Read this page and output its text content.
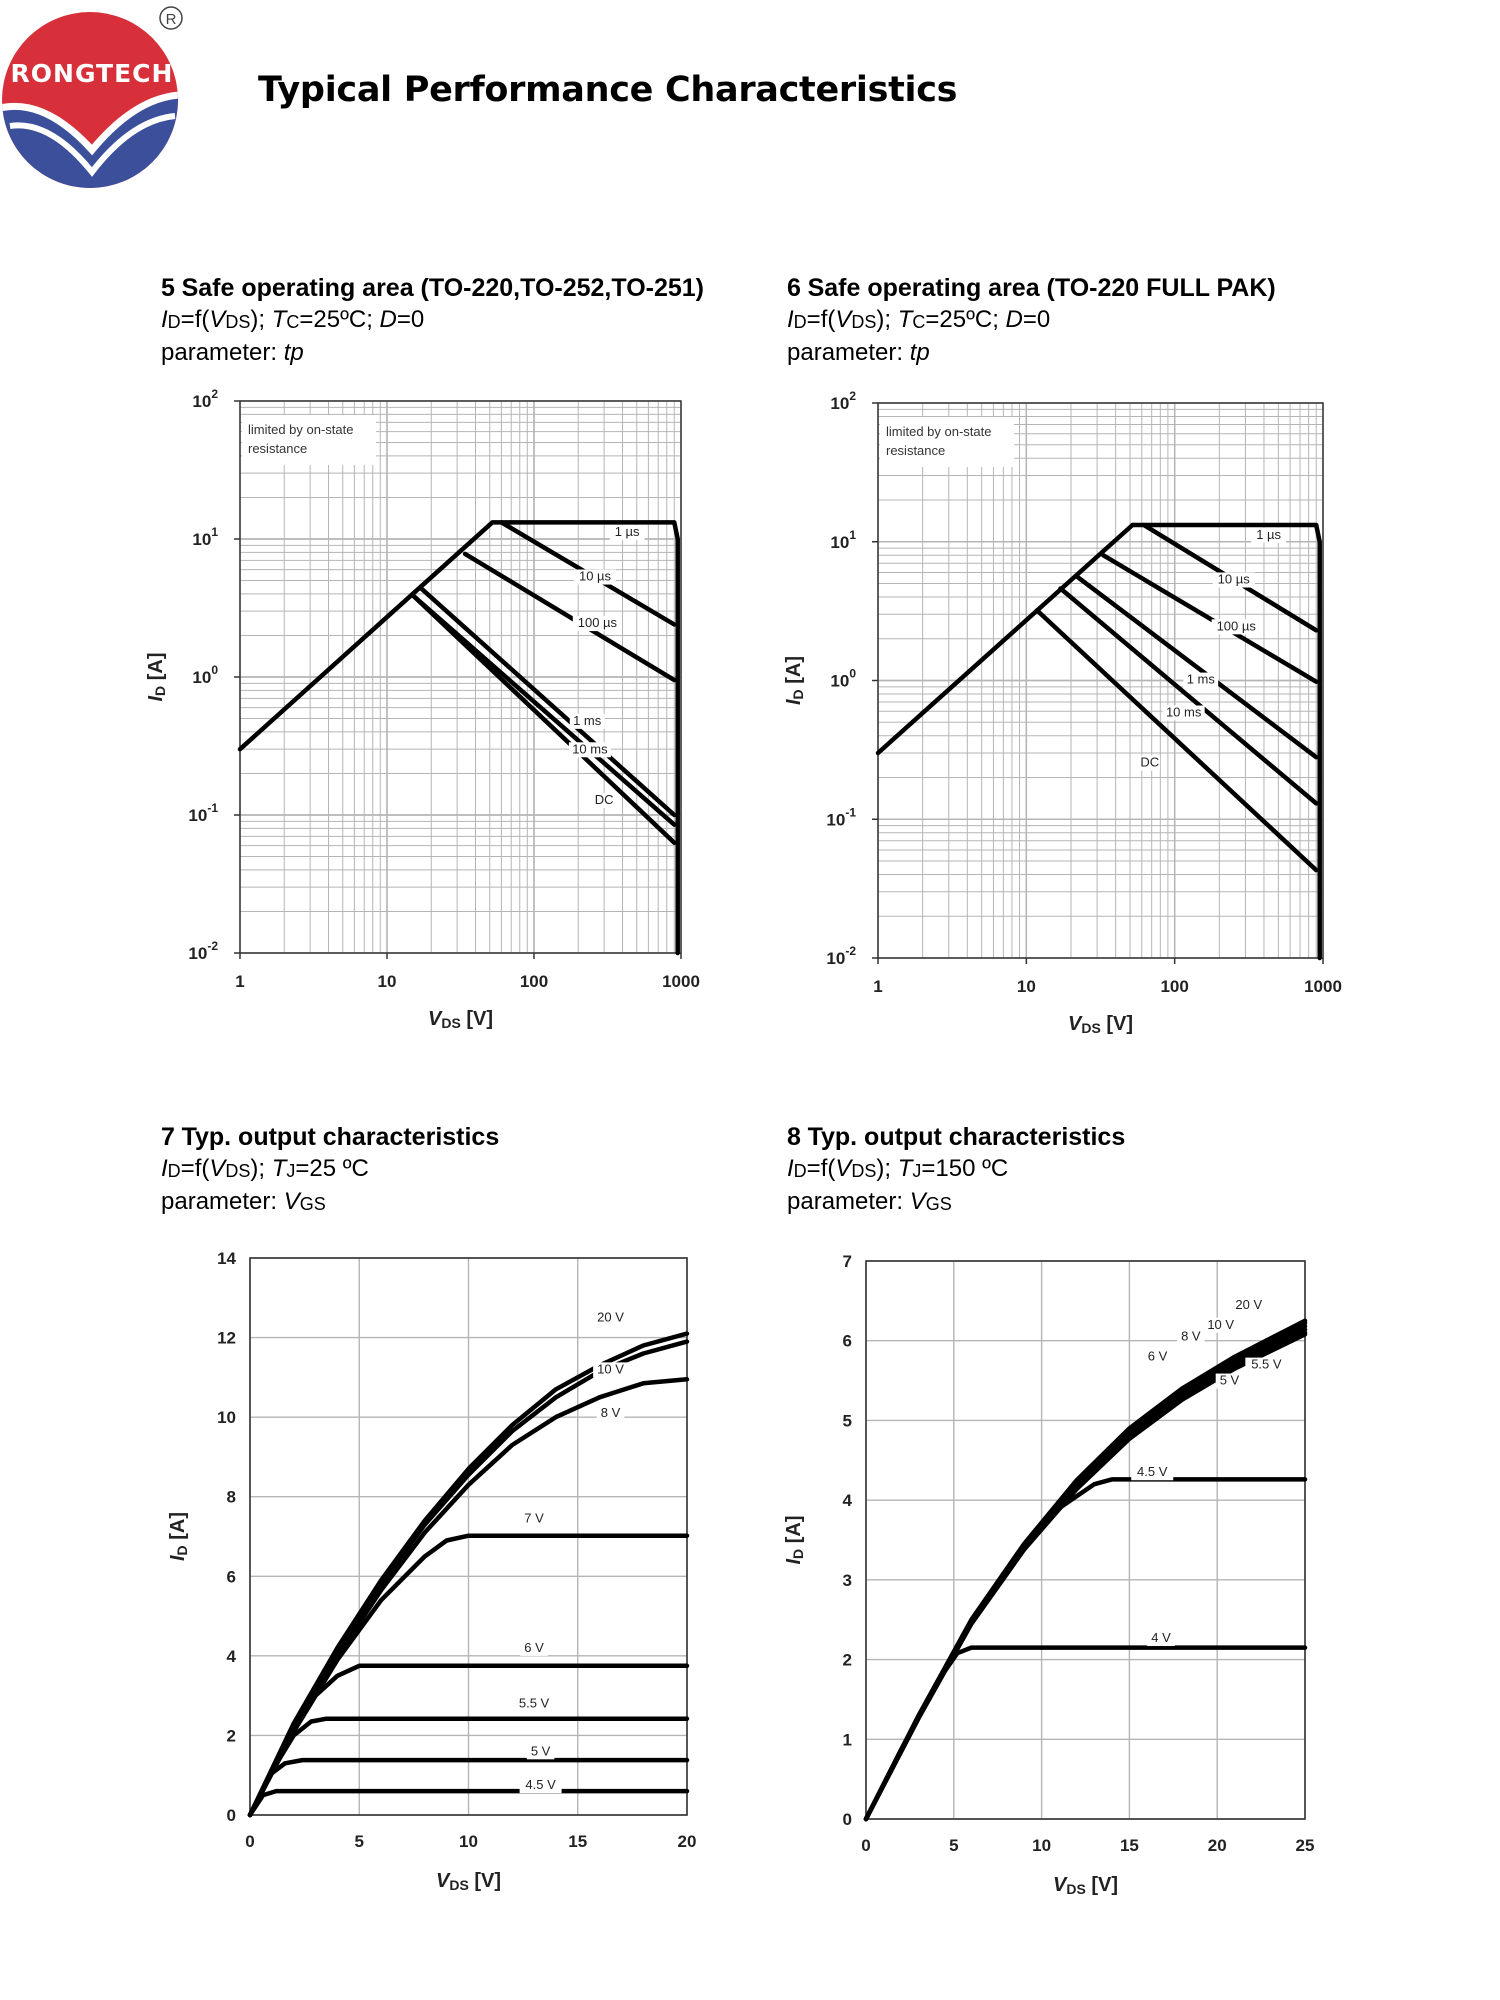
R
RONGTECH Typical Performance Characteristics
5 Safe operating area (TO-220,TO-252,TO-251)
$I_D=f(V_{DS})$; $T_C=25ºC$; D=0
parameter: tp
6 Safe operating area (TO-220 FULL PAK)
$I_D=f(V_{DS})$; $T_C=25ºC$; D=0
parameter: tp
7 Typ. output characteristics
$I_D=f(V_{DS})$; $T_J=25$ ºC
parameter: $V_{GS}$
8 Typ. output characteristics
$I_D=f(V_{DS})$; $T_J=150$ ºC
parameter: $V_{GS}$
limited by on-state
resistance
1	10	100	1000
$10^{-2}$
$10^{-1}$
$10^0$
$10^1$
$10^2$
1 µs
10 µs
100 µs
1 ms
10 ms
DC
VDS [V]
ID [A]
limited by on-state
resistance
1	10	100	1000
$10^{-2}$
$10^{-1}$
$10^0$
$10^1$
$10^2$
1 µs
10 µs
100 µs
1 ms
10 ms
DC
VDS [V]
ID [A]
0	5	10	15	20
0
2
4
6
8
10
12
14
20 V
10 V
8 V
7 V
6 V
5.5 V
5 V
4.5 V
VDS [V]
ID [A]
0	5	10	15	20	25
0
1
2
3
4
5
6
7
20 V
10 V
8 V
6 V
5.5 V
5 V
4.5 V
4 V
VDS [V]
ID [A]
